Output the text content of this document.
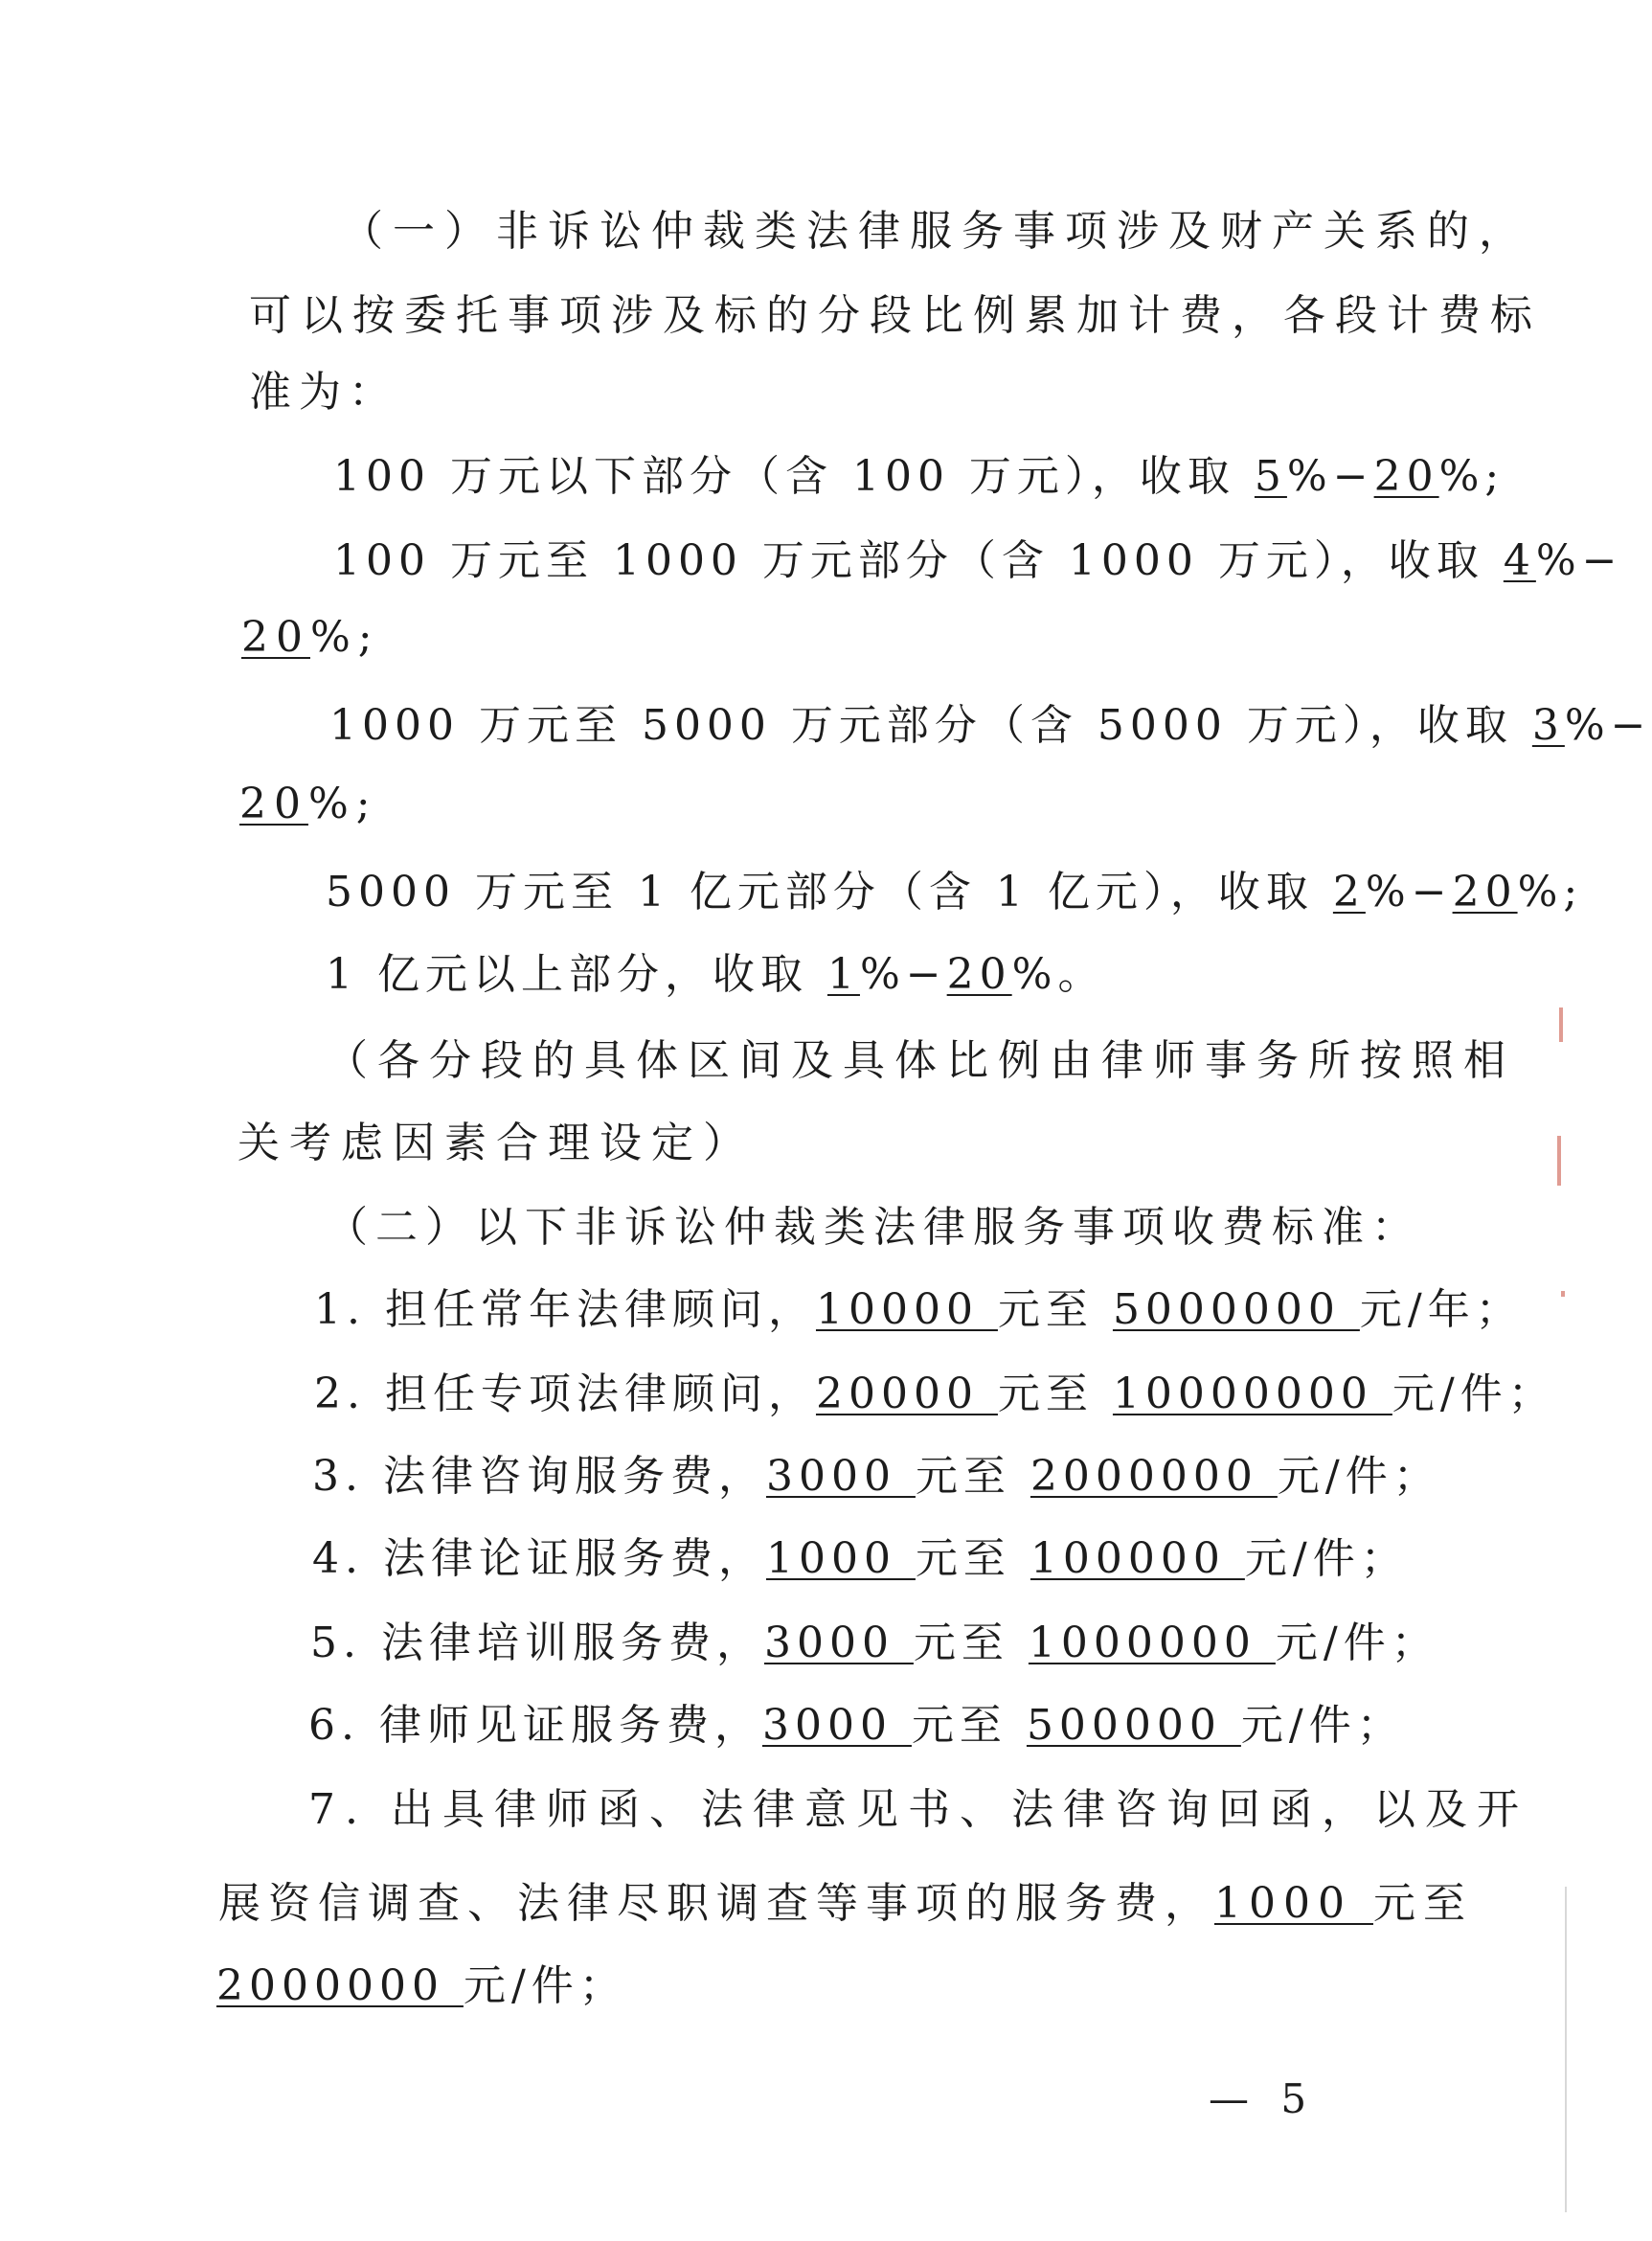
（一）非诉讼仲裁类法律服务事项涉及财产关系的，

可以按委托事项涉及标的分段比例累加计费，各段计费标

准为：

100 万元以下部分（含 100 万元），收取 5%−20%;

100 万元至 1000 万元部分（含 1000 万元），收取 4%−

20%;

1000 万元至 5000 万元部分（含 5000 万元），收取 3%−

20%;

5000 万元至 1 亿元部分（含 1 亿元），收取 2%−20%;

1 亿元以上部分，收取 1%−20%。

（各分段的具体区间及具体比例由律师事务所按照相

关考虑因素合理设定）

（二）以下非诉讼仲裁类法律服务事项收费标准：

1. 担任常年法律顾问，10000 元至 5000000 元/年；

2. 担任专项法律顾问，20000 元至 10000000 元/件；

3. 法律咨询服务费，3000 元至 2000000 元/件；

4. 法律论证服务费，1000 元至 100000 元/件；

5. 法律培训服务费，3000 元至 1000000 元/件；

6. 律师见证服务费，3000 元至 500000 元/件；

7. 出具律师函、法律意见书、法律咨询回函，以及开

展资信调查、法律尽职调查等事项的服务费，1000 元至

2000000 元/件；

— 5
